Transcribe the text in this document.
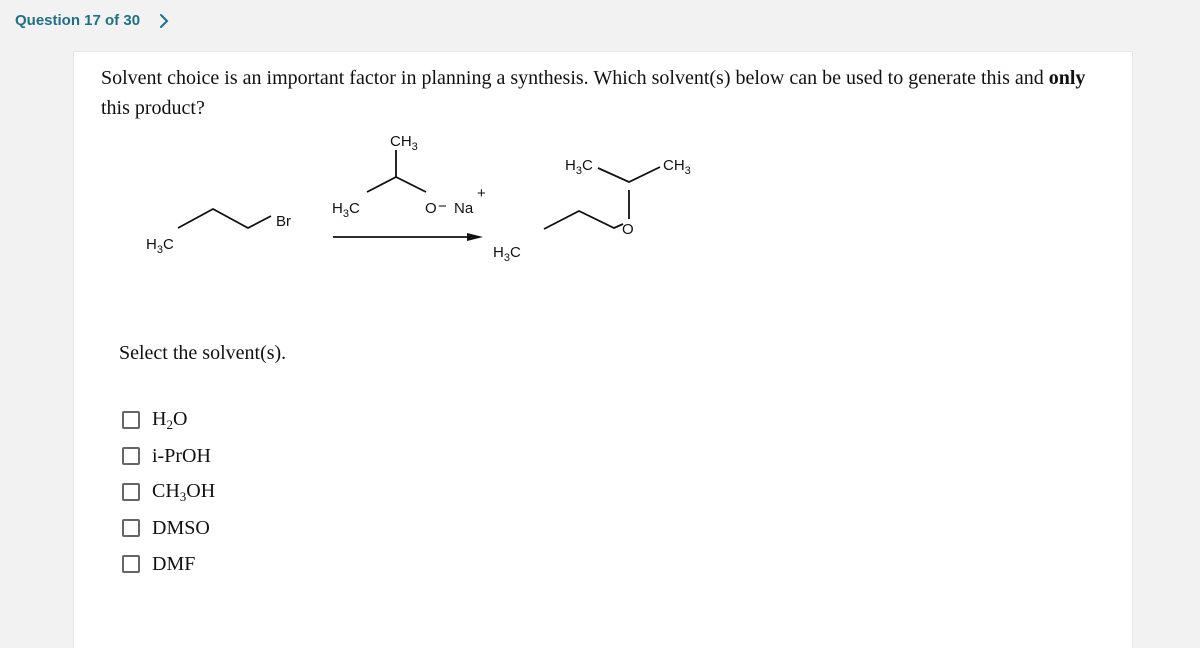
Question 17 of 30
Solvent choice is an important factor in planning a synthesis. Which solvent(s) below can be used to generate this and only this product?
$H_3C$
Br
$CH_3$
$H_3C$	O − Na
+
$H_3C$
O
$H_3C$	$CH_3$
Select the solvent(s).
$H_2O$
i-PrOH
$CH_3OH$
DMSO
DMF
